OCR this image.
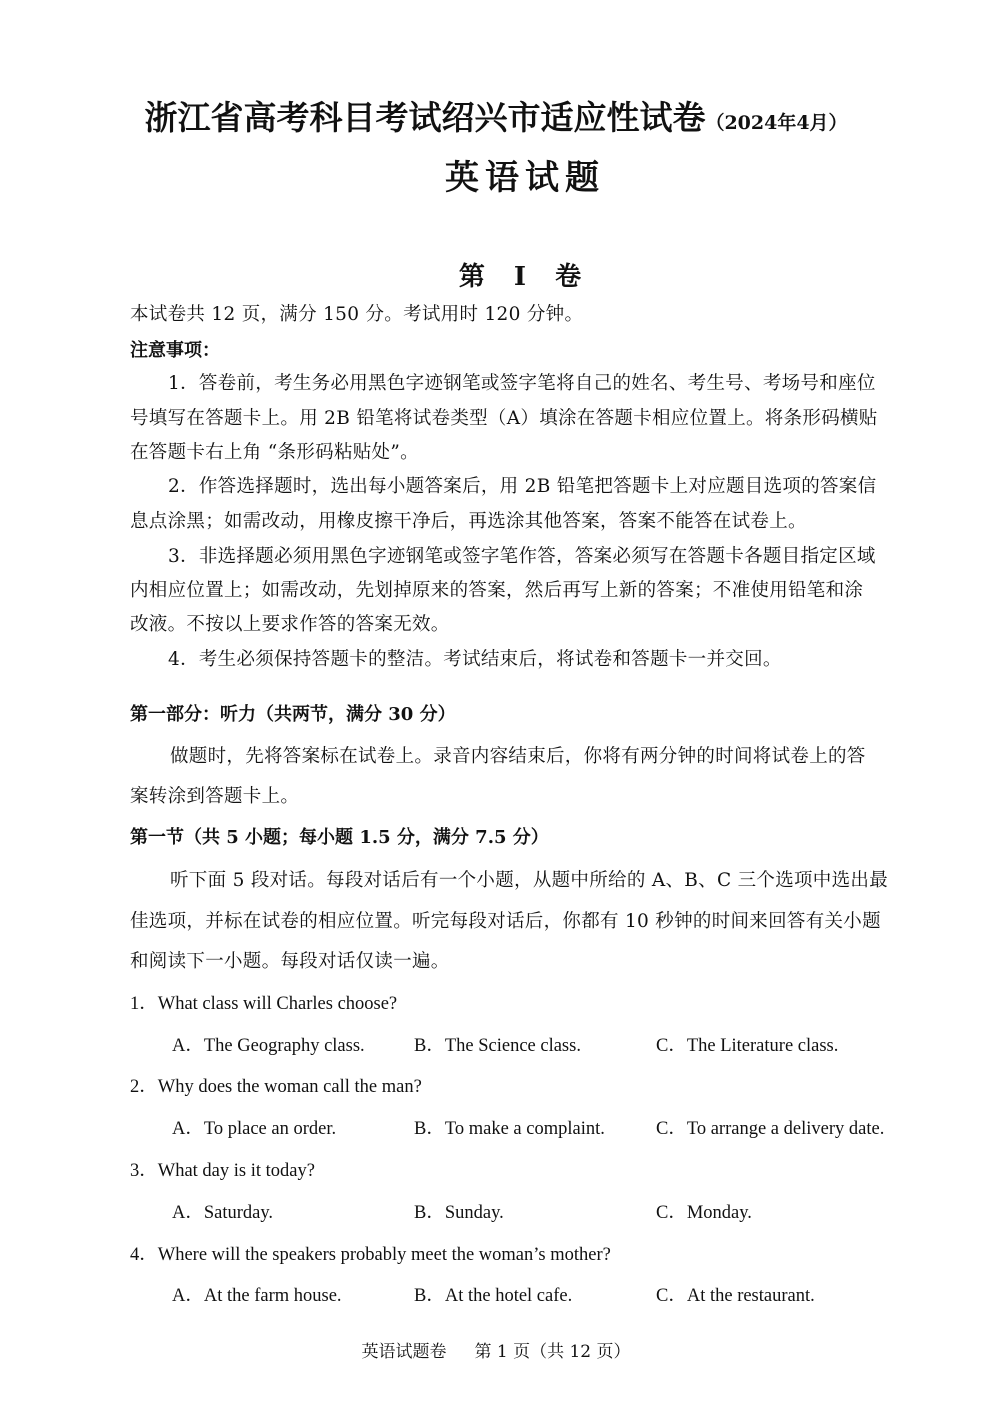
浙江省高考科目考试绍兴市适应性试卷（2024年4月）
英语试题
第 I 卷
本试卷共 12 页，满分 150 分。考试用时 120 分钟。
注意事项：
1．答卷前，考生务必用黑色字迹钢笔或签字笔将自己的姓名、考生号、考场号和座位
号填写在答题卡上。用 2B 铅笔将试卷类型（A）填涂在答题卡相应位置上。将条形码横贴
在答题卡右上角 “条形码粘贴处”。
2．作答选择题时，选出每小题答案后，用 2B 铅笔把答题卡上对应题目选项的答案信
息点涂黑；如需改动，用橡皮擦干净后，再选涂其他答案，答案不能答在试卷上。
3．非选择题必须用黑色字迹钢笔或签字笔作答，答案必须写在答题卡各题目指定区域
内相应位置上；如需改动，先划掉原来的答案，然后再写上新的答案；不准使用铅笔和涂
改液。不按以上要求作答的答案无效。
4．考生必须保持答题卡的整洁。考试结束后，将试卷和答题卡一并交回。
第一部分：听力（共两节，满分 30 分）
做题时，先将答案标在试卷上。录音内容结束后，你将有两分钟的时间将试卷上的答
案转涂到答题卡上。
第一节（共 5 小题；每小题 1.5 分，满分 7.5 分）
听下面 5 段对话。每段对话后有一个小题，从题中所给的 A、B、C 三个选项中选出最
佳选项，并标在试卷的相应位置。听完每段对话后，你都有 10 秒钟的时间来回答有关小题
和阅读下一小题。每段对话仅读一遍。
1．What class will Charles choose?
A．The Geography class.	B．The Science class.	C．The Literature class.
2．Why does the woman call the man?
A．To place an order.	B．To make a complaint.	C．To arrange a delivery date.
3．What day is it today?
A．Saturday.	B．Sunday.	C．Monday.
4．Where will the speakers probably meet the woman’s mother?
A．At the farm house.	B．At the hotel cafe.	C．At the restaurant.
英语试题卷 第 1 页（共 12 页）
